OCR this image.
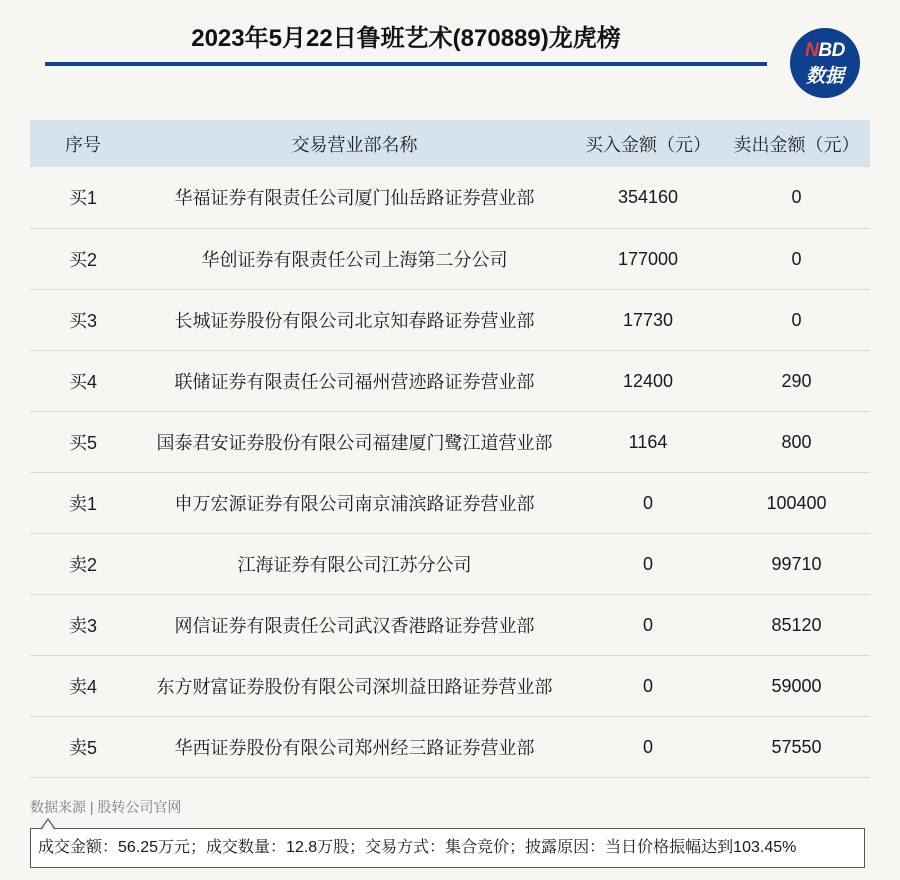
2023年5月22日鲁班艺术(870889)龙虎榜	NBD
数据
序号	交易营业部名称	买入金额（元）	卖出金额（元）
买1	华福证券有限责任公司厦门仙岳路证券营业部	354160	0
买2	华创证券有限责任公司上海第二分公司	177000	0
买3	长城证券股份有限公司北京知春路证券营业部	17730	0
买4	联储证券有限责任公司福州营迹路证券营业部	12400	290
买5	国泰君安证券股份有限公司福建厦门鹭江道营业部	1164	800
卖1	申万宏源证券有限公司南京浦滨路证券营业部	0	100400
卖2	江海证券有限公司江苏分公司	0	99710
卖3	网信证券有限责任公司武汉香港路证券营业部	0	85120
卖4	东方财富证券股份有限公司深圳益田路证券营业部	0	59000
卖5	华西证券股份有限公司郑州经三路证券营业部	0	57550
数据来源 | 股转公司官网
成交金额：56.25万元；成交数量：12.8万股；交易方式：集合竞价；披露原因：当日价格振幅达到103.45%
